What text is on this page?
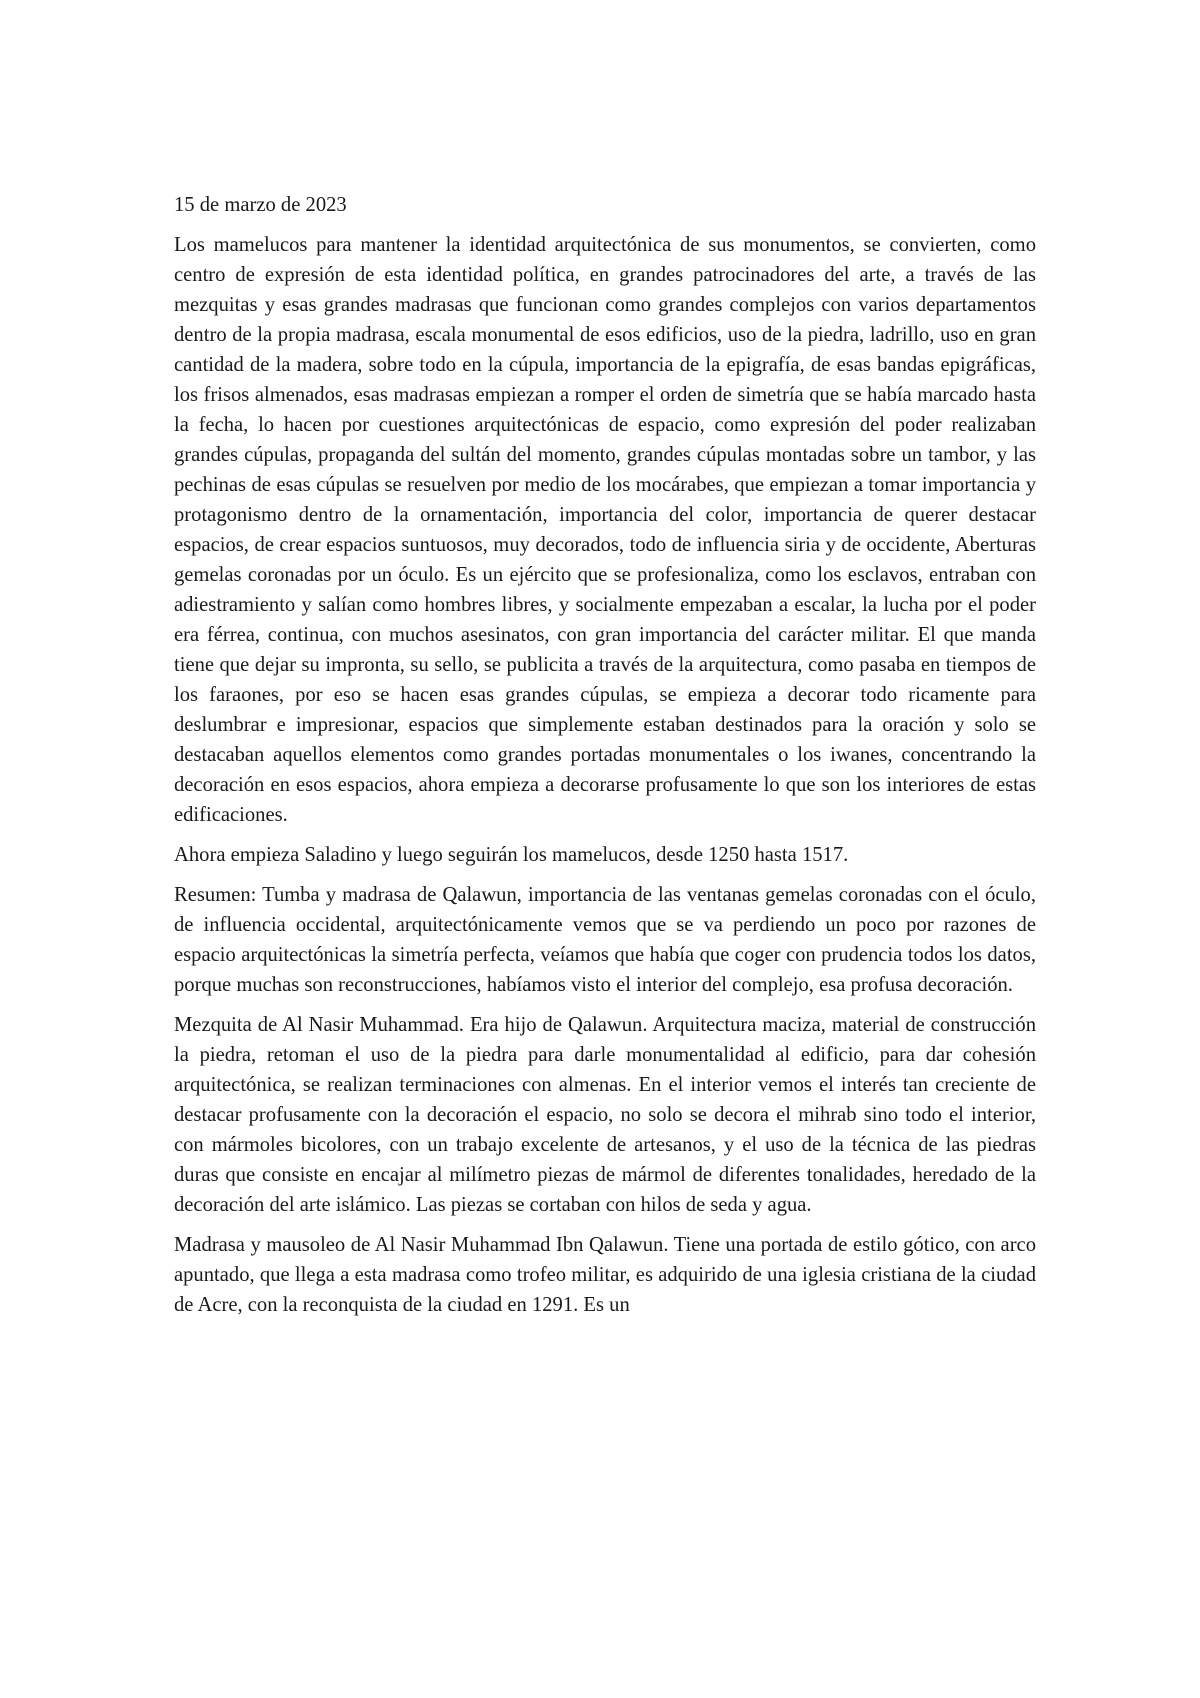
15 de marzo de 2023

Los mamelucos para mantener la identidad arquitectónica de sus monumentos, se convierten, como centro de expresión de esta identidad política, en grandes patrocinadores del arte, a través de las mezquitas y esas grandes madrasas que funcionan como grandes complejos con varios departamentos dentro de la propia madrasa, escala monumental de esos edificios, uso de la piedra, ladrillo, uso en gran cantidad de la madera, sobre todo en la cúpula, importancia de la epigrafía, de esas bandas epigráficas, los frisos almenados, esas madrasas empiezan a romper el orden de simetría que se había marcado hasta la fecha, lo hacen por cuestiones arquitectónicas de espacio, como expresión del poder realizaban grandes cúpulas, propaganda del sultán del momento, grandes cúpulas montadas sobre un tambor, y las pechinas de esas cúpulas se resuelven por medio de los mocárabes, que empiezan a tomar importancia y protagonismo dentro de la ornamentación, importancia del color, importancia de querer destacar espacios, de crear espacios suntuosos, muy decorados, todo de influencia siria y de occidente, Aberturas gemelas coronadas por un óculo. Es un ejército que se profesionaliza, como los esclavos, entraban con adiestramiento y salían como hombres libres, y socialmente empezaban a escalar, la lucha por el poder era férrea, continua, con muchos asesinatos, con gran importancia del carácter militar. El que manda tiene que dejar su impronta, su sello, se publicita a través de la arquitectura, como pasaba en tiempos de los faraones, por eso se hacen esas grandes cúpulas, se empieza a decorar todo ricamente para deslumbrar e impresionar, espacios que simplemente estaban destinados para la oración y solo se destacaban aquellos elementos como grandes portadas monumentales o los iwanes, concentrando la decoración en esos espacios, ahora empieza a decorarse profusamente lo que son los interiores de estas edificaciones.

Ahora empieza Saladino y luego seguirán los mamelucos, desde 1250 hasta 1517.

Resumen: Tumba y madrasa de Qalawun, importancia de las ventanas gemelas coronadas con el óculo, de influencia occidental, arquitectónicamente vemos que se va perdiendo un poco por razones de espacio arquitectónicas la simetría perfecta, veíamos que había que coger con prudencia todos los datos, porque muchas son reconstrucciones, habíamos visto el interior del complejo, esa profusa decoración.

Mezquita de Al Nasir Muhammad. Era hijo de Qalawun. Arquitectura maciza, material de construcción la piedra, retoman el uso de la piedra para darle monumentalidad al edificio, para dar cohesión arquitectónica, se realizan terminaciones con almenas. En el interior vemos el interés tan creciente de destacar profusamente con la decoración el espacio, no solo se decora el mihrab sino todo el interior, con mármoles bicolores, con un trabajo excelente de artesanos, y el uso de la técnica de las piedras duras que consiste en encajar al milímetro piezas de mármol de diferentes tonalidades, heredado de la decoración del arte islámico. Las piezas se cortaban con hilos de seda y agua.

Madrasa y mausoleo de Al Nasir Muhammad Ibn Qalawun. Tiene una portada de estilo gótico, con arco apuntado, que llega a esta madrasa como trofeo militar, es adquirido de una iglesia cristiana de la ciudad de Acre, con la reconquista de la ciudad en 1291. Es un
